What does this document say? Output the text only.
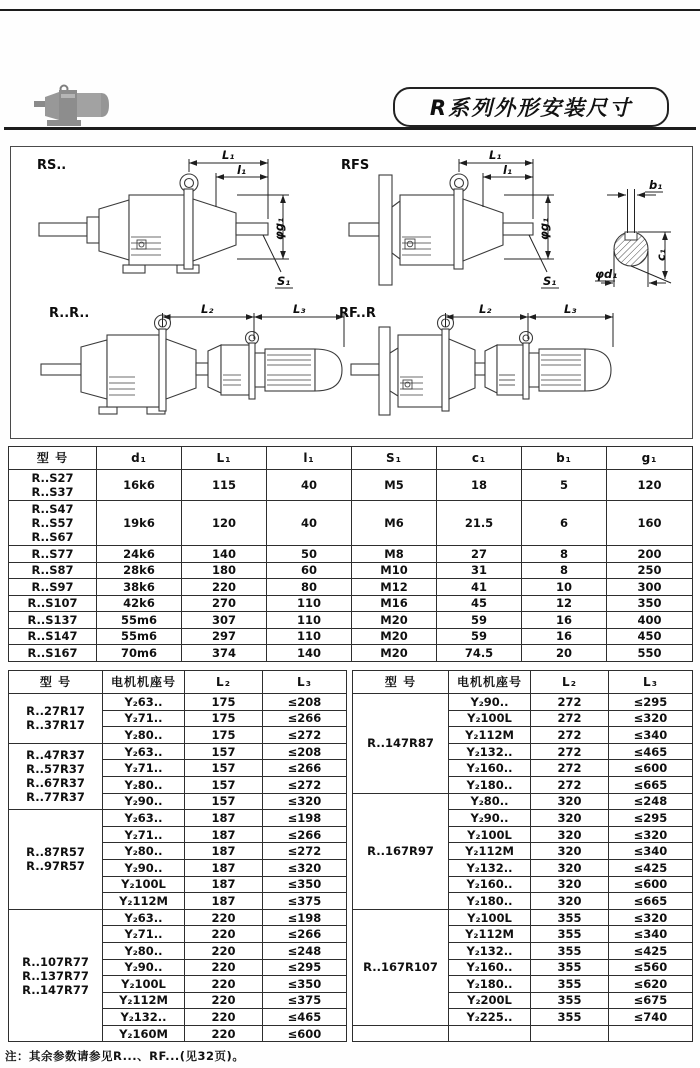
R系列外形安装尺寸
RS..
L₁
l₁
φg₁
S₁
RFS
L₁
l₁
φg₁
S₁
b₁
c₁
φd₁
R..R..	L₂	L₃	RF..R	L₂	L₃
型 号	d₁	L₁	l₁	S₁	c₁	b₁	g₁
R..S27
R..S37	16k6	115	40	M5	18	5	120
R..S47
R..S57
R..S67	19k6	120	40	M6	21.5	6	160
R..S77	24k6	140	50	M8	27	8	200
R..S87	28k6	180	60	M10	31	8	250
R..S97	38k6	220	80	M12	41	10	300
R..S107	42k6	270	110	M16	45	12	350
R..S137	55m6	307	110	M20	59	16	400
R..S147	55m6	297	110	M20	59	16	450
R..S167	70m6	374	140	M20	74.5	20	550
型 号	电机机座号	L₂	L₃
R..27R17
R..37R17	Y₂63..	175	≤208
	Y₂71..	175	≤266
	Y₂80..	175	≤272
R..47R37
R..57R37
R..67R37
R..77R37	Y₂63..	157	≤208
	Y₂71..	157	≤266
	Y₂80..	157	≤272
	Y₂90..	157	≤320
R..87R57
R..97R57	Y₂63..	187	≤198
	Y₂71..	187	≤266
	Y₂80..	187	≤272
	Y₂90..	187	≤320
	Y₂100L	187	≤350
	Y₂112M	187	≤375
R..107R77
R..137R77
R..147R77	Y₂63..	220	≤198
	Y₂71..	220	≤266
	Y₂80..	220	≤248
	Y₂90..	220	≤295
	Y₂100L	220	≤350
	Y₂112M	220	≤375
	Y₂132..	220	≤465
	Y₂160M	220	≤600
型 号	电机机座号	L₂	L₃
R..147R87	Y₂90..	272	≤295
	Y₂100L	272	≤320
	Y₂112M	272	≤340
	Y₂132..	272	≤465
	Y₂160..	272	≤600
	Y₂180..	272	≤665
R..167R97	Y₂80..	320	≤248
	Y₂90..	320	≤295
	Y₂100L	320	≤320
	Y₂112M	320	≤340
	Y₂132..	320	≤425
	Y₂160..	320	≤600
	Y₂180..	320	≤665
R..167R107	Y₂100L	355	≤320
	Y₂112M	355	≤340
	Y₂132..	355	≤425
	Y₂160..	355	≤560
	Y₂180..	355	≤620
	Y₂200L	355	≤675
	Y₂225..	355	≤740

注：其余参数请参见R...、RF...(见32页)。
